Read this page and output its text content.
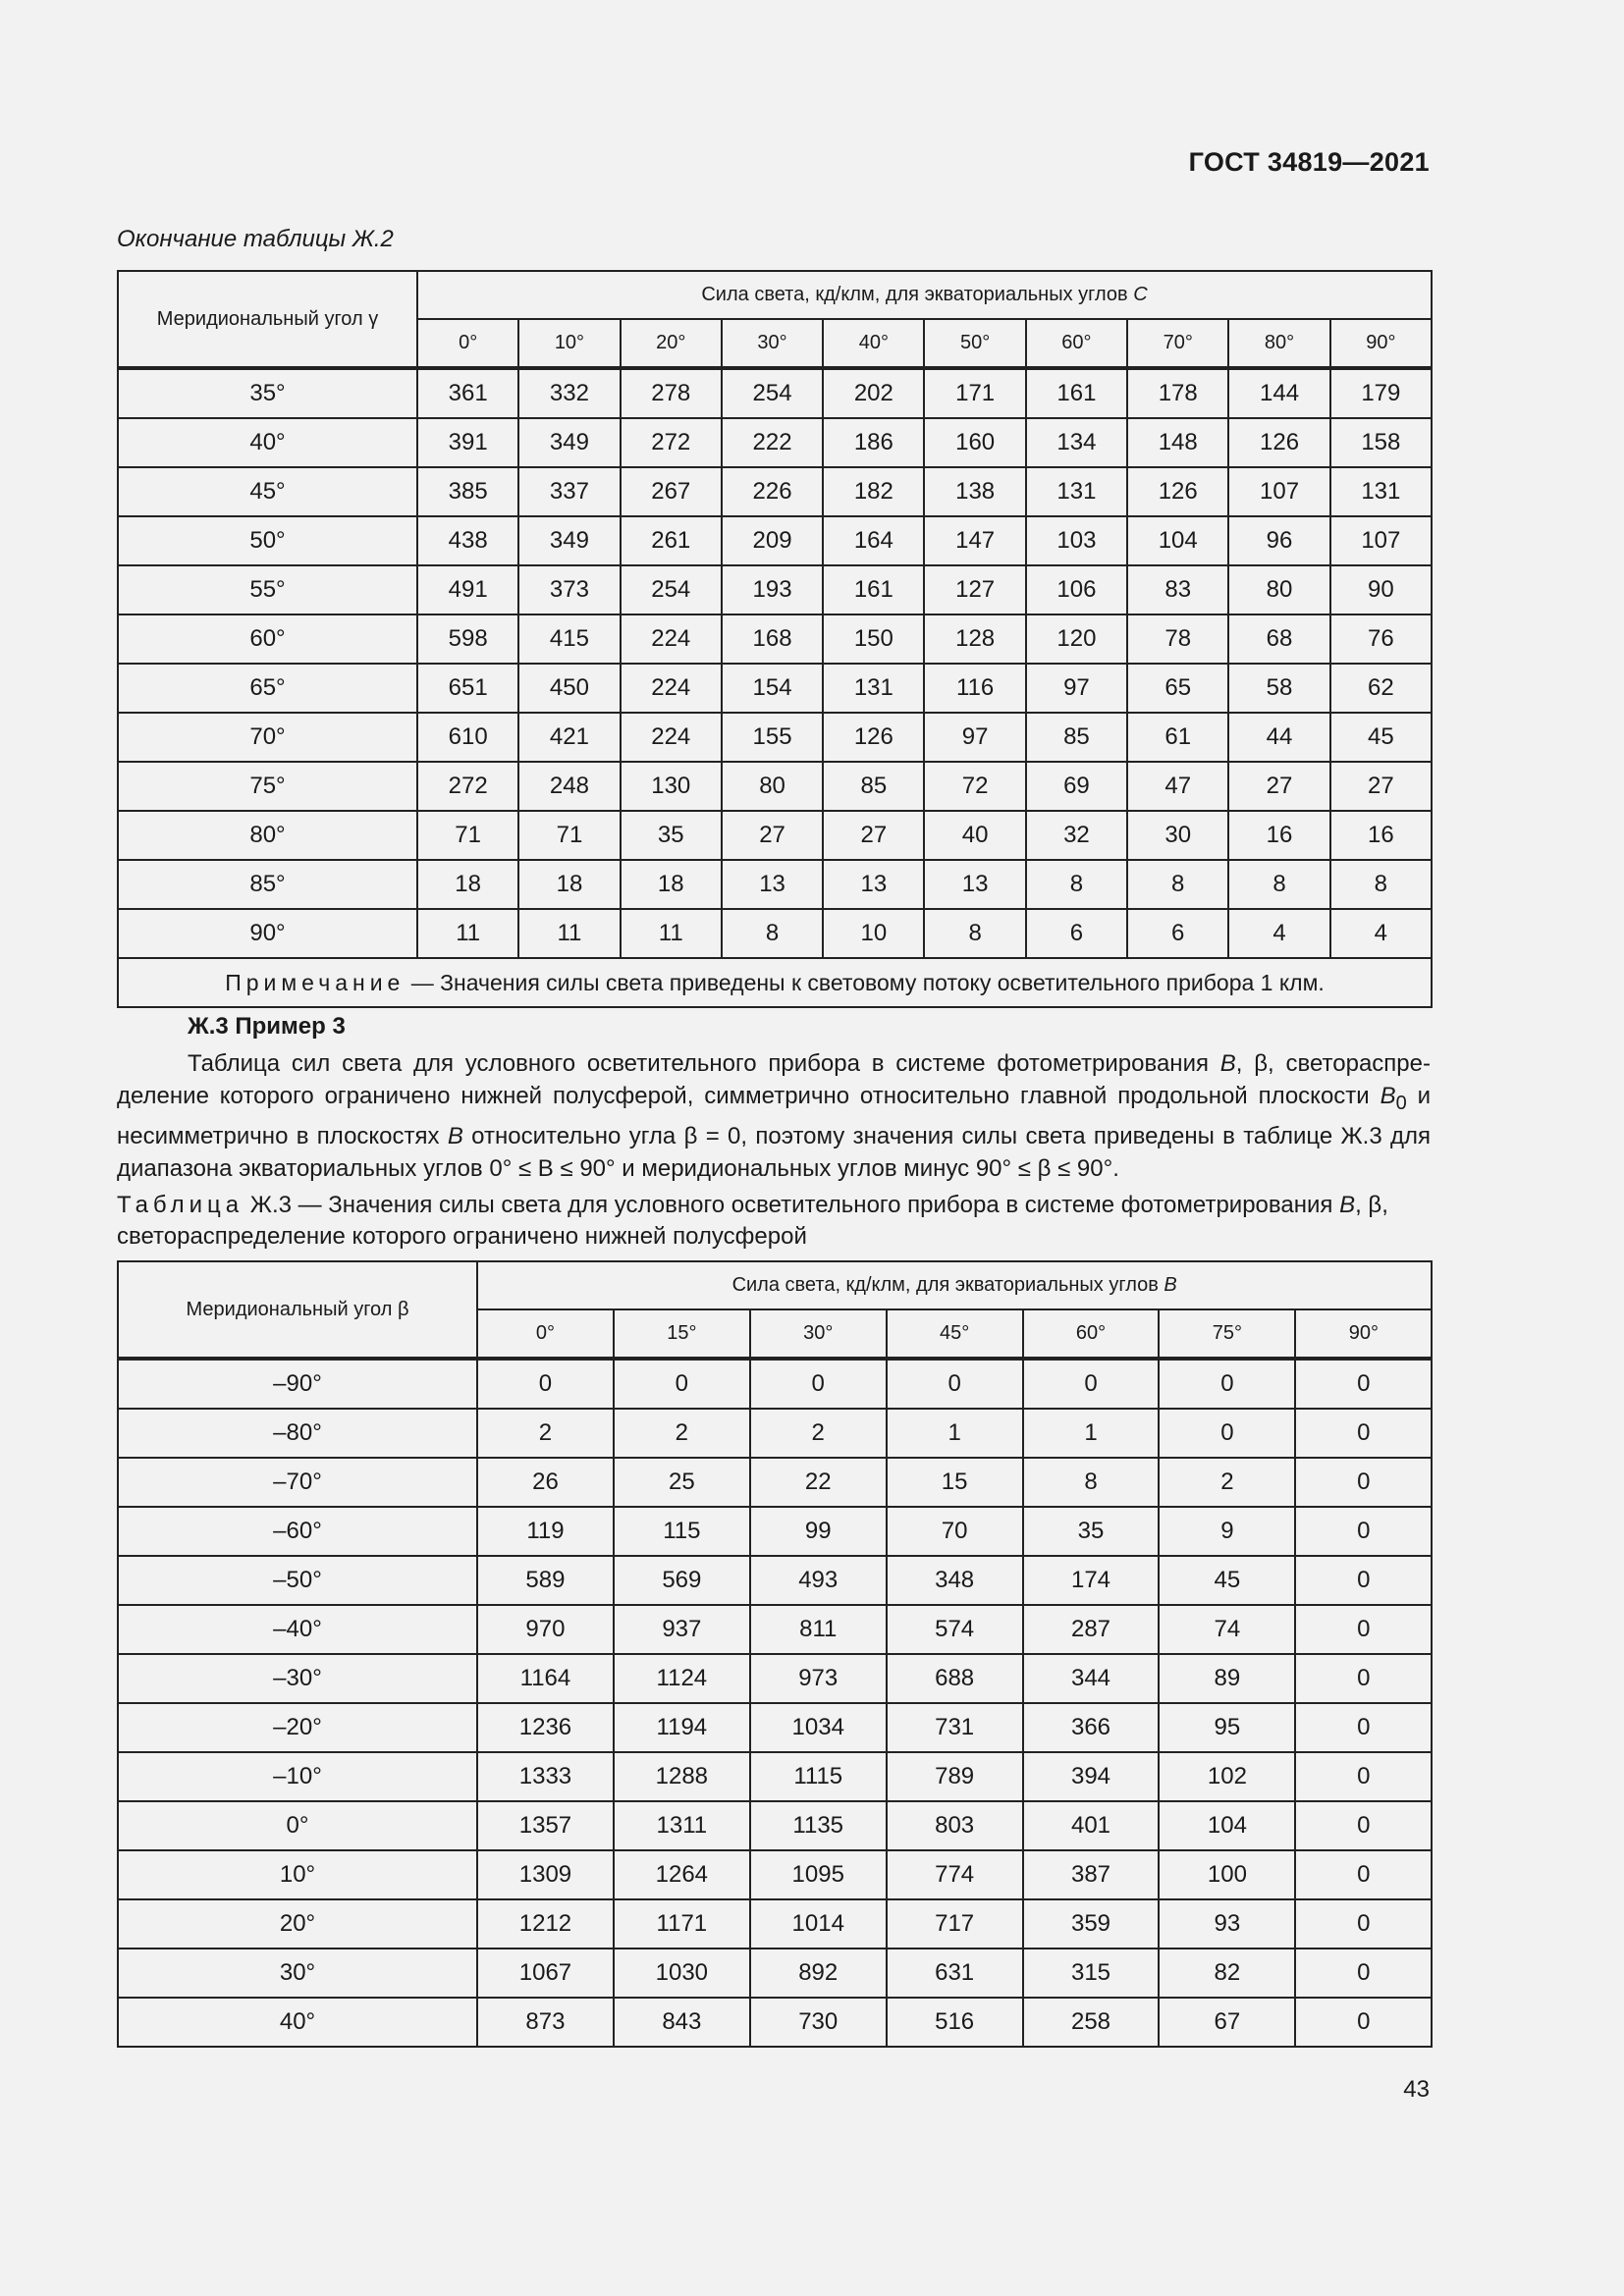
ГОСТ 34819—2021
Окончание таблицы Ж.2
Меридиональный угол γ	Сила света, кд/клм, для экваториальных углов C									
	0°	10°	20°	30°	40°	50°	60°	70°	80°	90°
35°	361	332	278	254	202	171	161	178	144	179
40°	391	349	272	222	186	160	134	148	126	158
45°	385	337	267	226	182	138	131	126	107	131
50°	438	349	261	209	164	147	103	104	96	107
55°	491	373	254	193	161	127	106	83	80	90
60°	598	415	224	168	150	128	120	78	68	76
65°	651	450	224	154	131	116	97	65	58	62
70°	610	421	224	155	126	97	85	61	44	45
75°	272	248	130	80	85	72	69	47	27	27
80°	71	71	35	27	27	40	32	30	16	16
85°	18	18	18	13	13	13	8	8	8	8
90°	11	11	11	8	10	8	6	6	4	4
Примечание — Значения силы света приведены к световому потоку осветительного прибора 1 клм.										
Ж.3 Пример 3

Таблица сил света для условного осветительного прибора в системе фотометрирования B, β, светораспре-деление которого ограничено нижней полусферой, симметрично относительно главной продольной плоскости $B_0$ и несимметрично в плоскостях B относительно угла β = 0, поэтому значения силы света приведены в таблице Ж.3 для диапазона экваториальных углов 0° ≤ B ≤ 90° и меридиональных углов минус 90° ≤ β ≤ 90°.

Таблица Ж.3 — Значения силы света для условного осветительного прибора в системе фотометрирования B, β, светораспределение которого ограничено нижней полусферой
Меридиональный угол β	Сила света, кд/клм, для экваториальных углов B						
	0°	15°	30°	45°	60°	75°	90°
–90°	0	0	0	0	0	0	0
–80°	2	2	2	1	1	0	0
–70°	26	25	22	15	8	2	0
–60°	119	115	99	70	35	9	0
–50°	589	569	493	348	174	45	0
–40°	970	937	811	574	287	74	0
–30°	1164	1124	973	688	344	89	0
–20°	1236	1194	1034	731	366	95	0
–10°	1333	1288	1115	789	394	102	0
0°	1357	1311	1135	803	401	104	0
10°	1309	1264	1095	774	387	100	0
20°	1212	1171	1014	717	359	93	0
30°	1067	1030	892	631	315	82	0
40°	873	843	730	516	258	67	0
43
